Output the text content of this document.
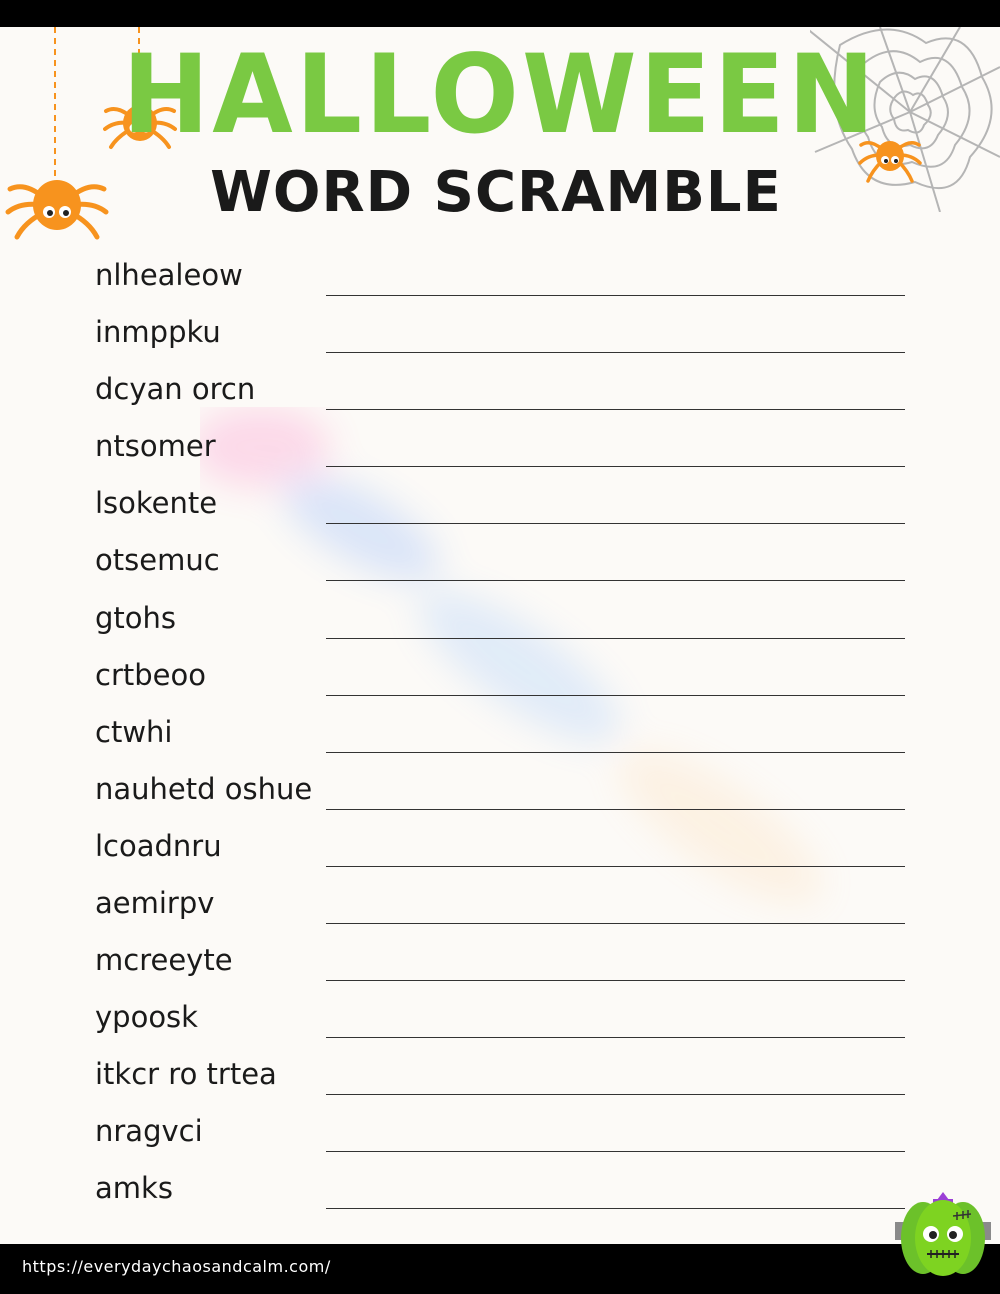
HALLOWEEN
WORD SCRAMBLE
nlhealeow
inmppku
dcyan orcn
ntsomer
lsokente
otsemuc
gtohs
crtbeoo
ctwhi
nauhetd oshue
lcoadnru
aemirpv
mcreeyte
ypoosk
itkcr ro trtea
nragvci
amks
https://everydaychaosandcalm.com/
